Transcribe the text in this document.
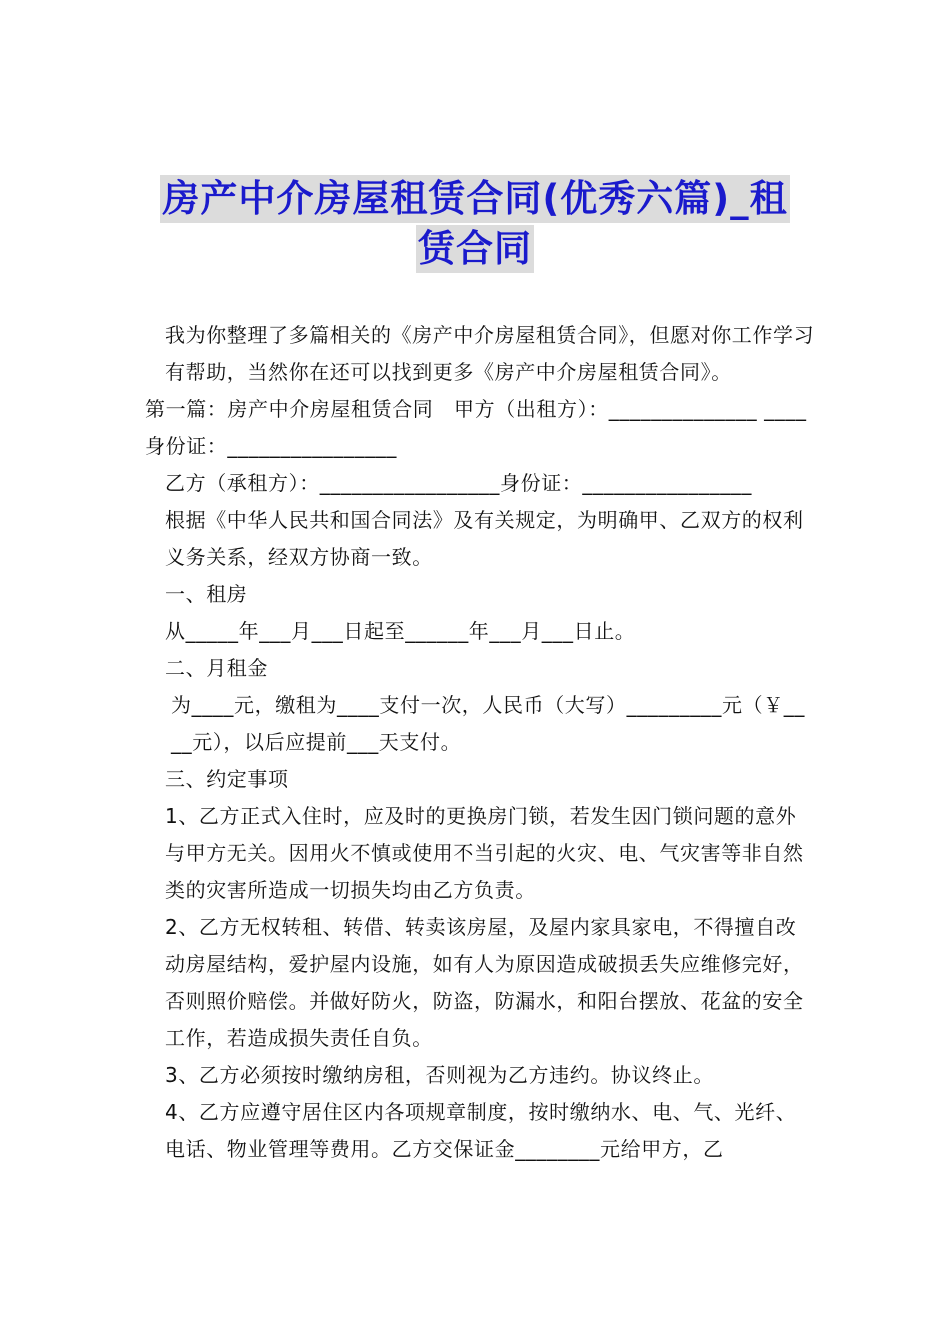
房产中介房屋租赁合同(优秀六篇)_租
赁合同

我为你整理了多篇相关的《房产中介房屋租赁合同》，但愿对你工作学习有帮助，当然你在还可以找到更多《房产中介房屋租赁合同》。

第一篇：房产中介房屋租赁合同　甲方（出租方）：______________ ____身份证：________________

乙方（承租方）：_________________身份证：________________

根据《中华人民共和国合同法》及有关规定，为明确甲、乙双方的权利义务关系，经双方协商一致。

一、租房

从_____年___月___日起至______年___月___日止。

二、月租金

为____元，缴租为____支付一次，人民币（大写）_________元（￥____元），以后应提前___天支付。

三、约定事项

1、乙方正式入住时，应及时的更换房门锁，若发生因门锁问题的意外与甲方无关。因用火不慎或使用不当引起的火灾、电、气灾害等非自然类的灾害所造成一切损失均由乙方负责。

2、乙方无权转租、转借、转卖该房屋，及屋内家具家电，不得擅自改动房屋结构，爱护屋内设施，如有人为原因造成破损丢失应维修完好，否则照价赔偿。并做好防火，防盗，防漏水，和阳台摆放、花盆的安全工作，若造成损失责任自负。

3、乙方必须按时缴纳房租，否则视为乙方违约。协议终止。

4、乙方应遵守居住区内各项规章制度，按时缴纳水、电、气、光纤、电话、物业管理等费用。乙方交保证金________元给甲方，乙
